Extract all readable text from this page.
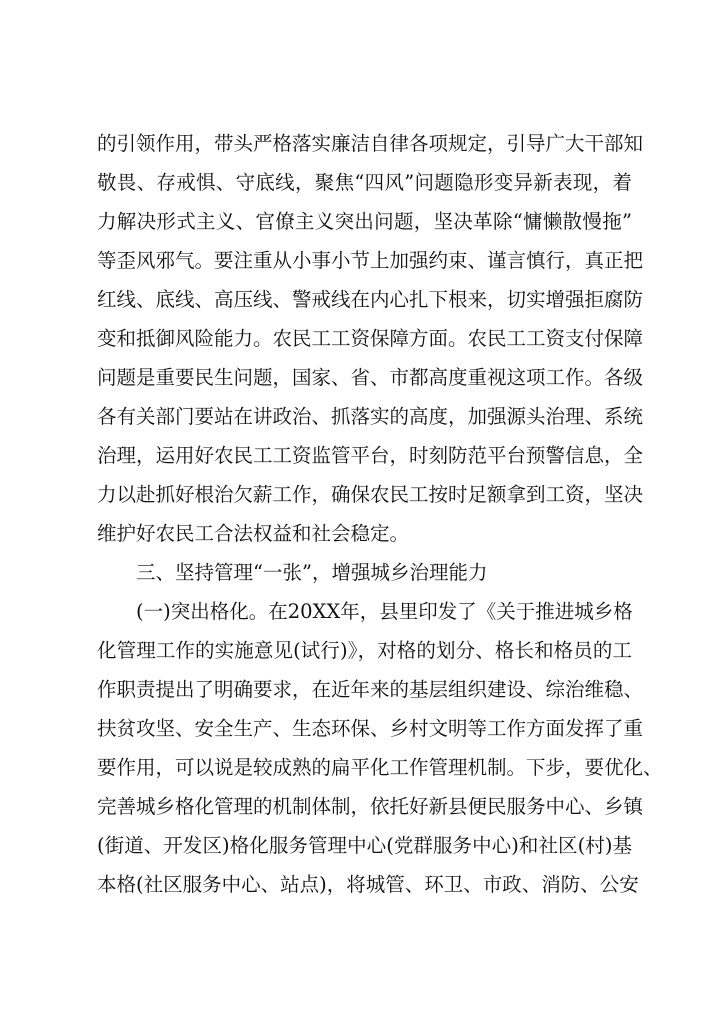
的引领作用，带头严格落实廉洁自律各项规定，引导广大干部知
敬畏、存戒惧、守底线，聚焦“四风”问题隐形变异新表现，着
力解决形式主义、官僚主义突出问题，坚决革除“慵懒散慢拖”
等歪风邪气。要注重从小事小节上加强约束、谨言慎行，真正把
红线、底线、高压线、警戒线在内心扎下根来，切实增强拒腐防
变和抵御风险能力。农民工工资保障方面。农民工工资支付保障
问题是重要民生问题，国家、省、市都高度重视这项工作。各级
各有关部门要站在讲政治、抓落实的高度，加强源头治理、系统
治理，运用好农民工工资监管平台，时刻防范平台预警信息，全
力以赴抓好根治欠薪工作，确保农民工按时足额拿到工资，坚决
维护好农民工合法权益和社会稳定。
三、坚持管理“一张”，增强城乡治理能力
(一)突出格化。在20XX年，县里印发了《关于推进城乡格
化管理工作的实施意见(试行)》，对格的划分、格长和格员的工
作职责提出了明确要求，在近年来的基层组织建设、综治维稳、
扶贫攻坚、安全生产、生态环保、乡村文明等工作方面发挥了重
要作用，可以说是较成熟的扁平化工作管理机制。下步，要优化、
完善城乡格化管理的机制体制，依托好新县便民服务中心、乡镇
(街道、开发区)格化服务管理中心(党群服务中心)和社区(村)基
本格(社区服务中心、站点)，将城管、环卫、市政、消防、公安
